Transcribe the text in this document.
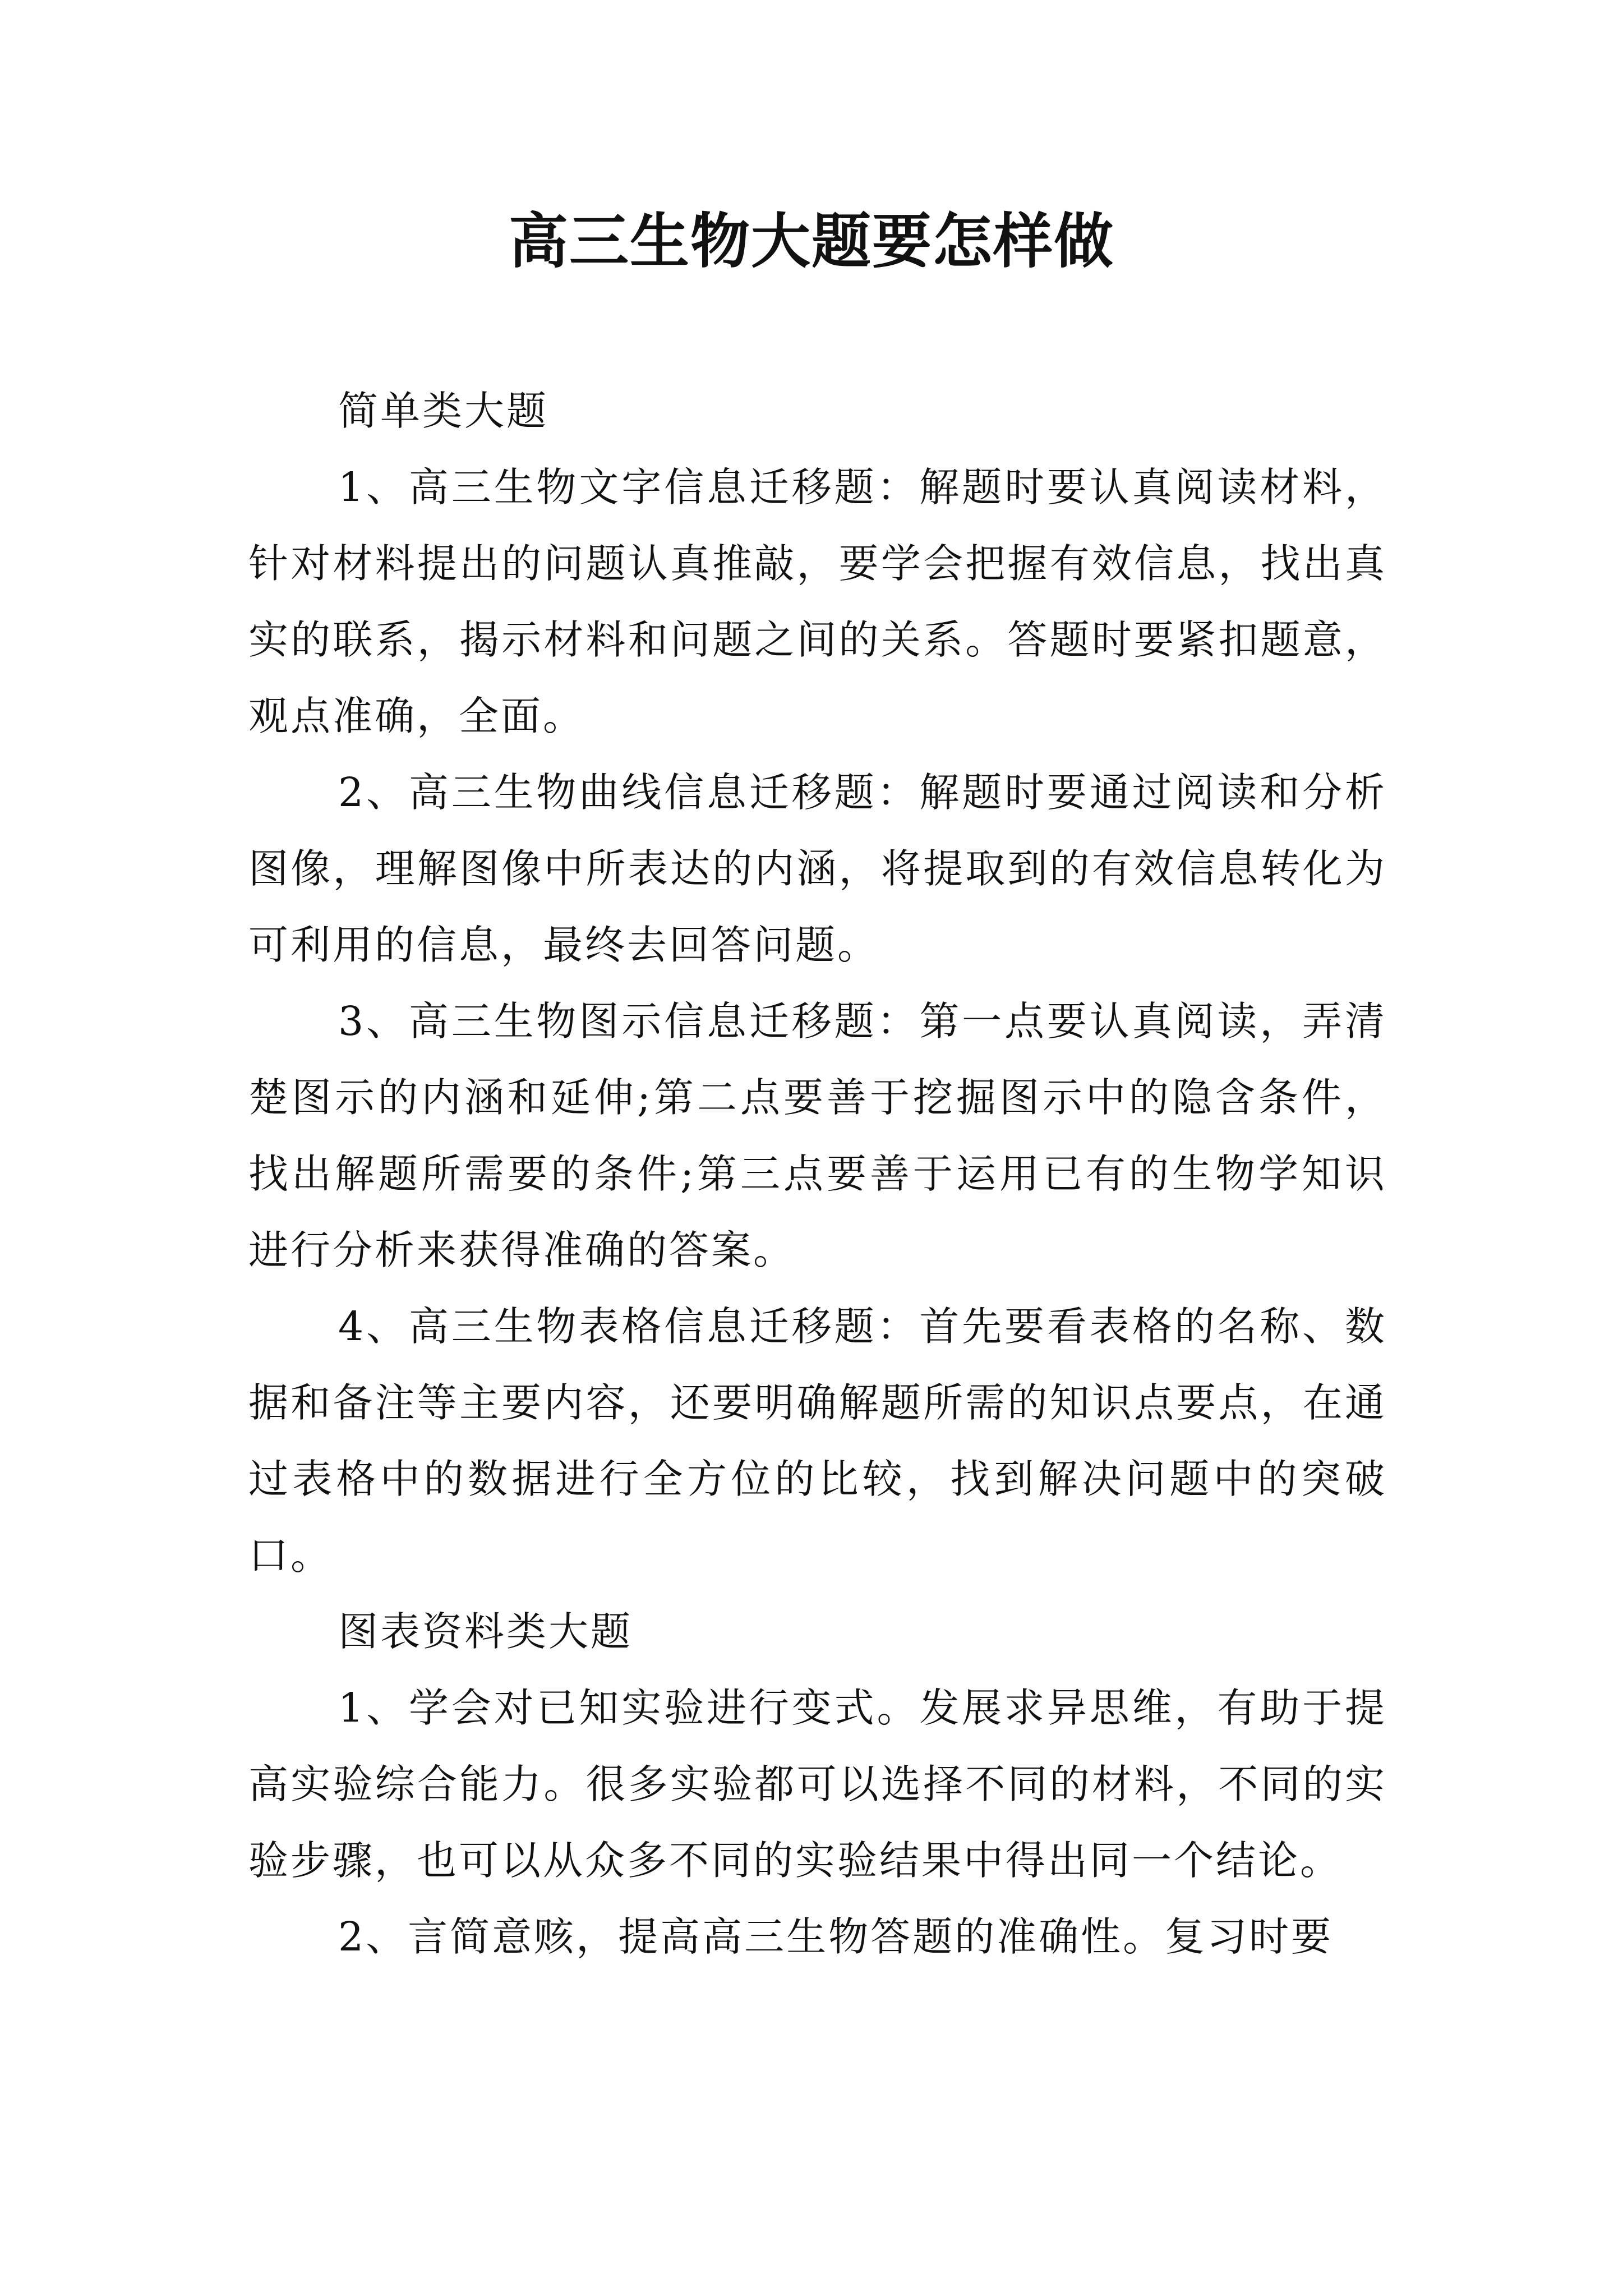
高三生物大题要怎样做

简单类大题

1、高三生物文字信息迁移题：解题时要认真阅读材料，针对材料提出的问题认真推敲，要学会把握有效信息，找出真实的联系，揭示材料和问题之间的关系。答题时要紧扣题意，观点准确，全面。

2、高三生物曲线信息迁移题：解题时要通过阅读和分析图像，理解图像中所表达的内涵，将提取到的有效信息转化为可利用的信息，最终去回答问题。

3、高三生物图示信息迁移题：第一点要认真阅读，弄清楚图示的内涵和延伸;第二点要善于挖掘图示中的隐含条件，找出解题所需要的条件;第三点要善于运用已有的生物学知识进行分析来获得准确的答案。

4、高三生物表格信息迁移题：首先要看表格的名称、数据和备注等主要内容，还要明确解题所需的知识点要点，在通过表格中的数据进行全方位的比较，找到解决问题中的突破口。

图表资料类大题

1、学会对已知实验进行变式。发展求异思维，有助于提高实验综合能力。很多实验都可以选择不同的材料，不同的实验步骤，也可以从众多不同的实验结果中得出同一个结论。

2、言简意赅，提高高三生物答题的准确性。复习时要
